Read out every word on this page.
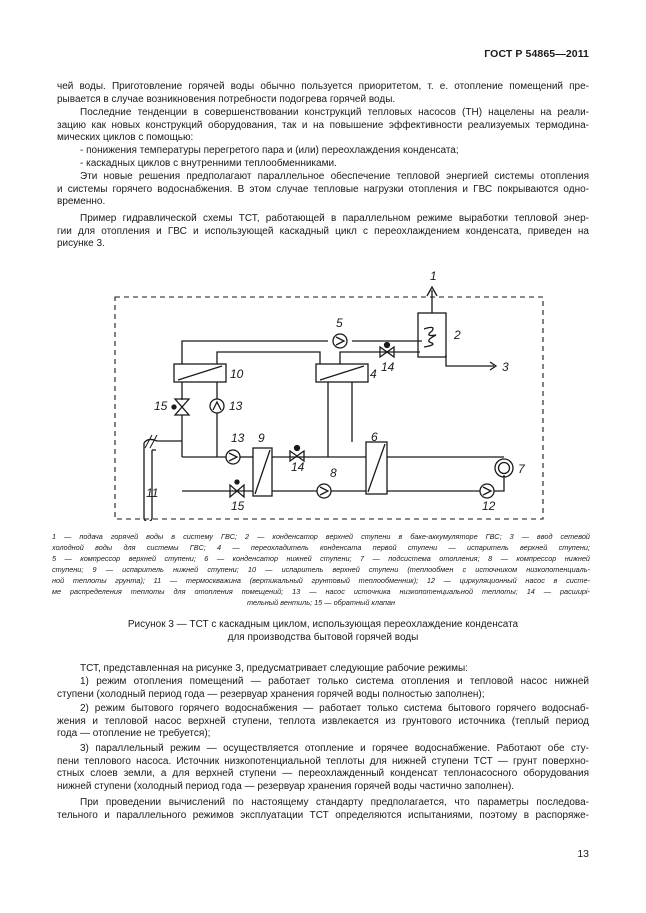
ГОСТ Р 54865—2011

чей воды. Приготовление горячей воды обычно пользуется приоритетом, т. е. отопление помещений пре-
рывается в случае возникновения потребности подогрева горячей воды.

Последние тенденции в совершенствовании конструкций тепловых насосов (ТН) нацелены на реали-
зацию как новых конструкций оборудования, так и на повышение эффективности реализуемых термодина-
мических циклов с помощью:

- понижения температуры перегретого пара и (или) переохлаждения конденсата;
- каскадных циклов с внутренними теплообменниками.

Эти новые решения предполагают параллельное обеспечение тепловой энергией системы отопления
и системы горячего водоснабжения. В этом случае тепловые нагрузки отопления и ГВС покрываются одно-
временно.

Пример гидравлической схемы ТСТ, работающей в параллельном режиме выработки тепловой энер-
гии для отопления и ГВС и использующей каскадный цикл с переохлаждением конденсата, приведен на
рисунке 3.

1
2
3
4
5
6
7
8
9
10
11
12
13
13
14
14
15
15

1 — подача горячей воды в систему ГВС; 2 — конденсатор верхней ступени в баке-аккумуляторе ГВС; 3 — ввод сетевой
холодной воды для системы ГВС; 4 — переохладитель конденсата первой ступени — испаритель верхней ступени;
5 — компрессор верхней ступени; 6 — конденсатор нижней ступени; 7 — подсистема отопления; 8 — компрессор нижней
ступени; 9 — испаритель нижней ступени; 10 — испаритель верхней ступени (теплообмен с источником низкопотенциаль-
ной теплоты грунта); 11 — термоскважина (вертикальный грунтовый теплообменник); 12 — циркуляционный насос в систе-
ме распределения теплоты для отопления помещений; 13 — насос источника низкопотенциальной теплоты; 14 — расширі-
тельный вентиль; 15 — обратный клапан

Рисунок 3 — ТСТ с каскадным циклом, использующая переохлаждение конденсата
для производства бытовой горячей воды

ТСТ, представленная на рисунке 3, предусматривает следующие рабочие режимы:

1) режим отопления помещений — работает только система отопления и тепловой насос нижней
ступени (холодный период года — резервуар хранения горячей воды полностью заполнен);

2) режим бытового горячего водоснабжения — работает только система бытового горячего водоснаб-
жения и тепловой насос верхней ступени, теплота извлекается из грунтового источника (теплый период
года — отопление не требуется);

3) параллельный режим — осуществляется отопление и горячее водоснабжение. Работают обе сту-
пени теплового насоса. Источник низкопотенциальной теплоты для нижней ступени ТСТ — грунт поверхно-
стных слоев земли, а для верхней ступени — переохлажденный конденсат теплонасосного оборудования
нижней ступени (холодный период года — резервуар хранения горячей воды частично заполнен).

При проведении вычислений по настоящему стандарту предполагается, что параметры последова-
тельного и параллельного режимов эксплуатации ТСТ определяются испытаниями, поэтому в распоряже-

13
